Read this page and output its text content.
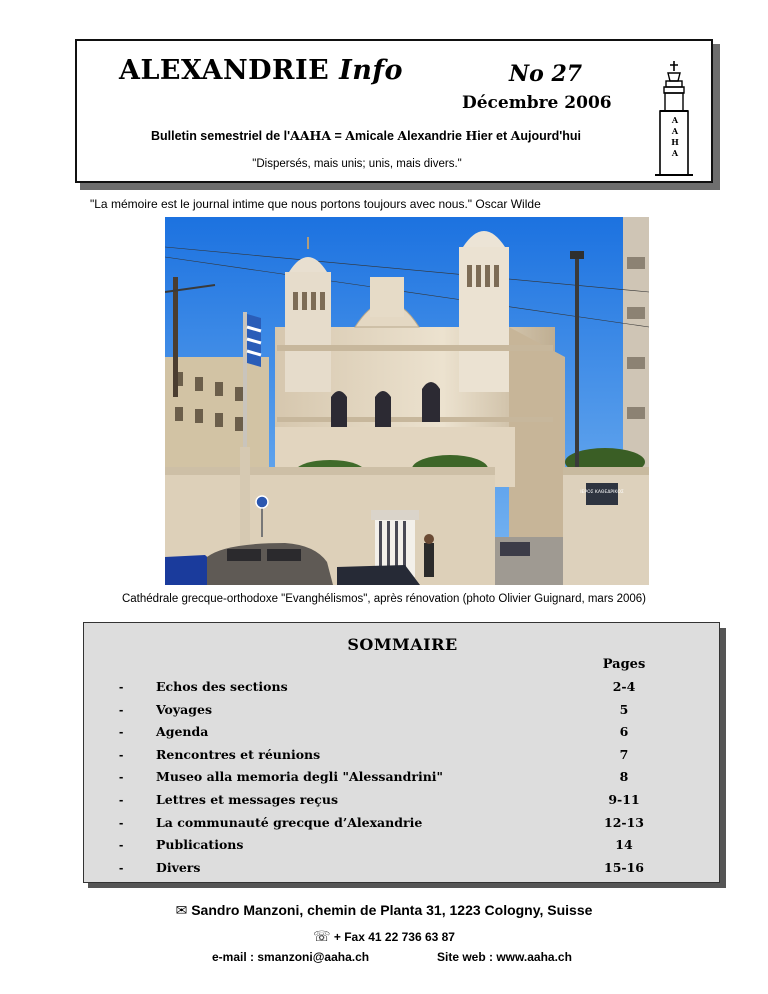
ALEXANDRIE Info	No 27
Décembre 2006
Bulletin semestriel de l'AAHA = Amicale Alexandrie Hier et Aujourd'hui
"Dispersés, mais unis; unis, mais divers."
A
A
H
A
"La mémoire est le journal intime que nous portons toujours avec nous." Oscar Wilde
ΙΕΡΟΣ ΚΑΘΕΔΡΙΚΟΣ
Cathédrale grecque-orthodoxe "Evanghélismos", après rénovation (photo Olivier Guignard, mars 2006)
SOMMAIRE
Pages
-	Echos des sections	2-4
-	Voyages	5
-	Agenda	6
-	Rencontres et réunions	7
-	Museo alla memoria degli "Alessandrini"	8
-	Lettres et messages reçus	9-11
-	La communauté grecque d’Alexandrie	12-13
-	Publications	14
-	Divers	15-16
✉ Sandro Manzoni, chemin de Planta 31, 1223 Cologny, Suisse
☏ + Fax 41 22 736 63 87
e-mail : smanzoni@aaha.ch	Site web : www.aaha.ch
